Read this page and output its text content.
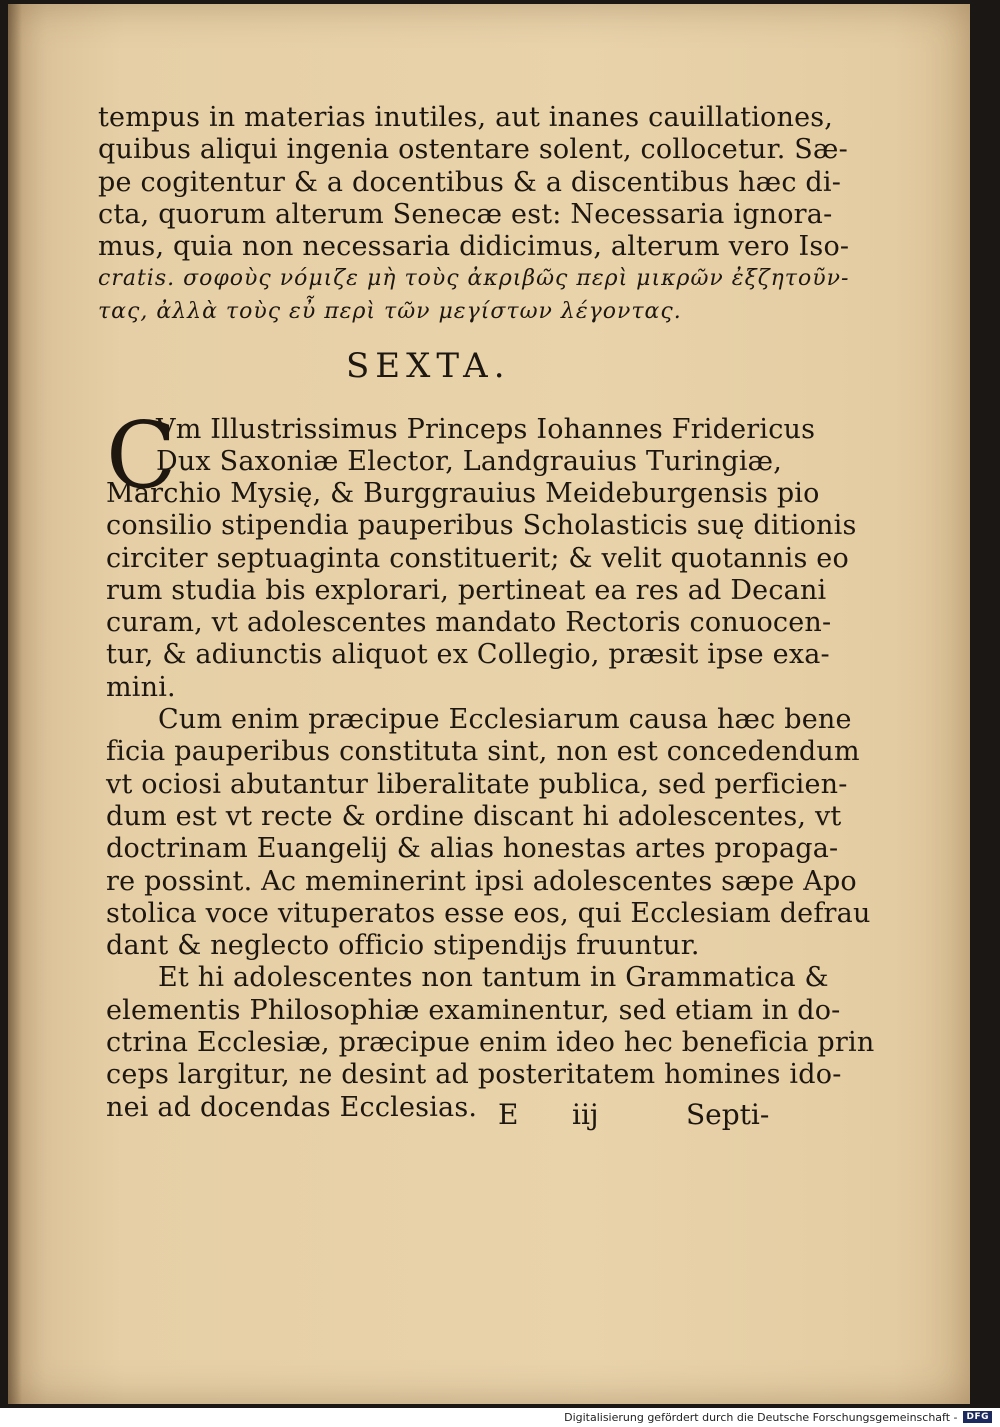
tempus in materias inutiles, aut inanes cauillationes,
quibus aliqui ingenia ostentare solent, collocetur. Sæ-
pe cogitentur & a docentibus & a discentibus hæc di-
cta, quorum alterum Senecæ est: Necessaria ignora-
mus, quia non necessaria didicimus, alterum vero Iso-
cratis. σοφοὺς νόμιζε μὴ τοὺς ἀκριβῶς περὶ μικρῶν ἐξζητοῦν-
τας, ἀλλὰ τοὺς εὖ περὶ τῶν μεγίστων λέγοντας.
SEXTA.
C
Vm Illustrissimus Princeps Iohannes Fridericus
Dux Saxoniæ Elector, Landgrauius Turingiæ,
Marchio Mysię, & Burggrauius Meideburgensis pio
consilio stipendia pauperibus Scholasticis suę ditionis
circiter septuaginta constituerit; & velit quotannis eo
rum studia bis explorari, pertineat ea res ad Decani
curam, vt adolescentes mandato Rectoris conuocen-
tur, & adiunctis aliquot ex Collegio, præsit ipse exa-
mini.
Cum enim præcipue Ecclesiarum causa hæc bene
ficia pauperibus constituta sint, non est concedendum
vt ociosi abutantur liberalitate publica, sed perficien-
dum est vt recte & ordine discant hi adolescentes, vt
doctrinam Euangelij & alias honestas artes propaga-
re possint. Ac meminerint ipsi adolescentes sæpe Apo
stolica voce vituperatos esse eos, qui Ecclesiam defrau
dant & neglecto officio stipendijs fruuntur.
Et hi adolescentes non tantum in Grammatica &
elementis Philosophiæ examinentur, sed etiam in do-
ctrina Ecclesiæ, præcipue enim ideo hec beneficia prin
ceps largitur, ne desint ad posteritatem homines ido-
nei ad docendas Ecclesias. E iij	Septi-
Digitalisierung gefördert durch die Deutsche Forschungsgemeinschaft -	DFG
